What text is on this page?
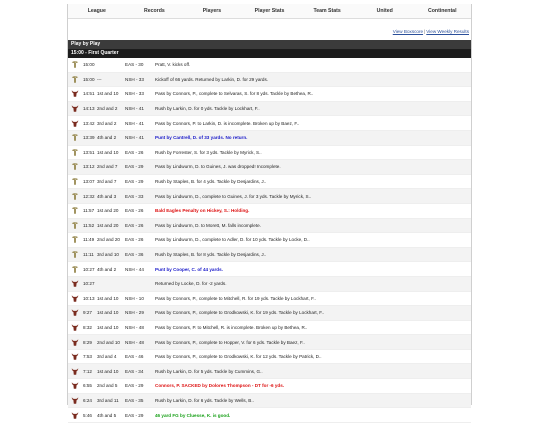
League	Records	Players	Player Stats	Team Stats	United	Continental
View Boxscore|View Weekly Results
Play by Play
15:00 - First Quarter
15:00	EAS - 30	Pratt, V. kicks off.
15:00 ---	NSH - 33	Kickoff of 66 yards. Returned by Larkin, D. for 29 yards.
14:51 1st and 10	NSH - 33	Pass by Connors, P., complete to Selvaras, S. for 8 yds. Tackle by Bethea, R..
14:13 2nd and 2	NSH - 41	Rush by Larkin, D. for 0 yds. Tackle by Lockhart, F..
13:42 3rd and 2	NSH - 41	Pass by Connors, P. to Larkin, D. is incomplete. Broken up by Baez, F..
13:39 4th and 2	NSH - 41	Punt by Cantrell, D. of 33 yards. No return.
13:51 1st and 10	EAS - 26	Rush by Forrester, S. for 3 yds. Tackle by Myrick, S..
13:12 2nd and 7	EAS - 29	Pass by Lindwurm, D. to Guines, J. was dropped! Incomplete.
13:07 3rd and 7	EAS - 29	Rush by Staples, B. for 4 yds. Tackle by Desjardins, J..
12:32 4th and 3	EAS - 33	Pass by Lindwurm, D., complete to Guines, J. for 3 yds. Tackle by Myrick, S..
11:57 1st and 20	EAS - 26	Bald Eagles Penalty on Hickey, S.: Holding.
11:52 1st and 20	EAS - 26	Pass by Lindwurm, D. to Morett, M. falls incomplete.
11:49 2nd and 20	EAS - 26	Pass by Lindwurm, D., complete to Adler, D. for 10 yds. Tackle by Locke, D..
11:11 3rd and 10	EAS - 36	Rush by Staples, B. for 8 yds. Tackle by Desjardins, J..
10:27 4th and 2	NSH - 44	Punt by Cooper, C. of 44 yards.
10:27	Returned by Locke, D. for -2 yards.
10:13 1st and 10	NSH - 10	Pass by Connors, P., complete to Mitchell, R. for 19 yds. Tackle by Lockhart, F..
9:27	1st and 10	NSH - 29	Pass by Connors, P., complete to Grodkowski, K. for 19 yds. Tackle by Lockhart, F..
8:32	1st and 10	NSH - 48	Pass by Connors, P. to Mitchell, R. is incomplete. Broken up by Bethea, R..
8:29	2nd and 10	NSH - 48	Pass by Connors, P., complete to Hopper, V. for 6 yds. Tackle by Baez, F..
7:53	3rd and 4	EAS - 46	Pass by Connors, P., complete to Grodkowski, K. for 12 yds. Tackle by Patrick, D..
7:12	1st and 10	EAS - 34	Rush by Larkin, D. for 5 yds. Tackle by Cummins, G..
6:55	2nd and 5	EAS - 29	Connors, P. SACKED by Dolores Thompson - DT for -6 yds.
6:24	3rd and 11	EAS - 35	Rush by Larkin, D. for 6 yds. Tackle by Wells, B..
5:46	4th and 5	EAS - 29	46 yard FG by Cluesse, K. is good.
